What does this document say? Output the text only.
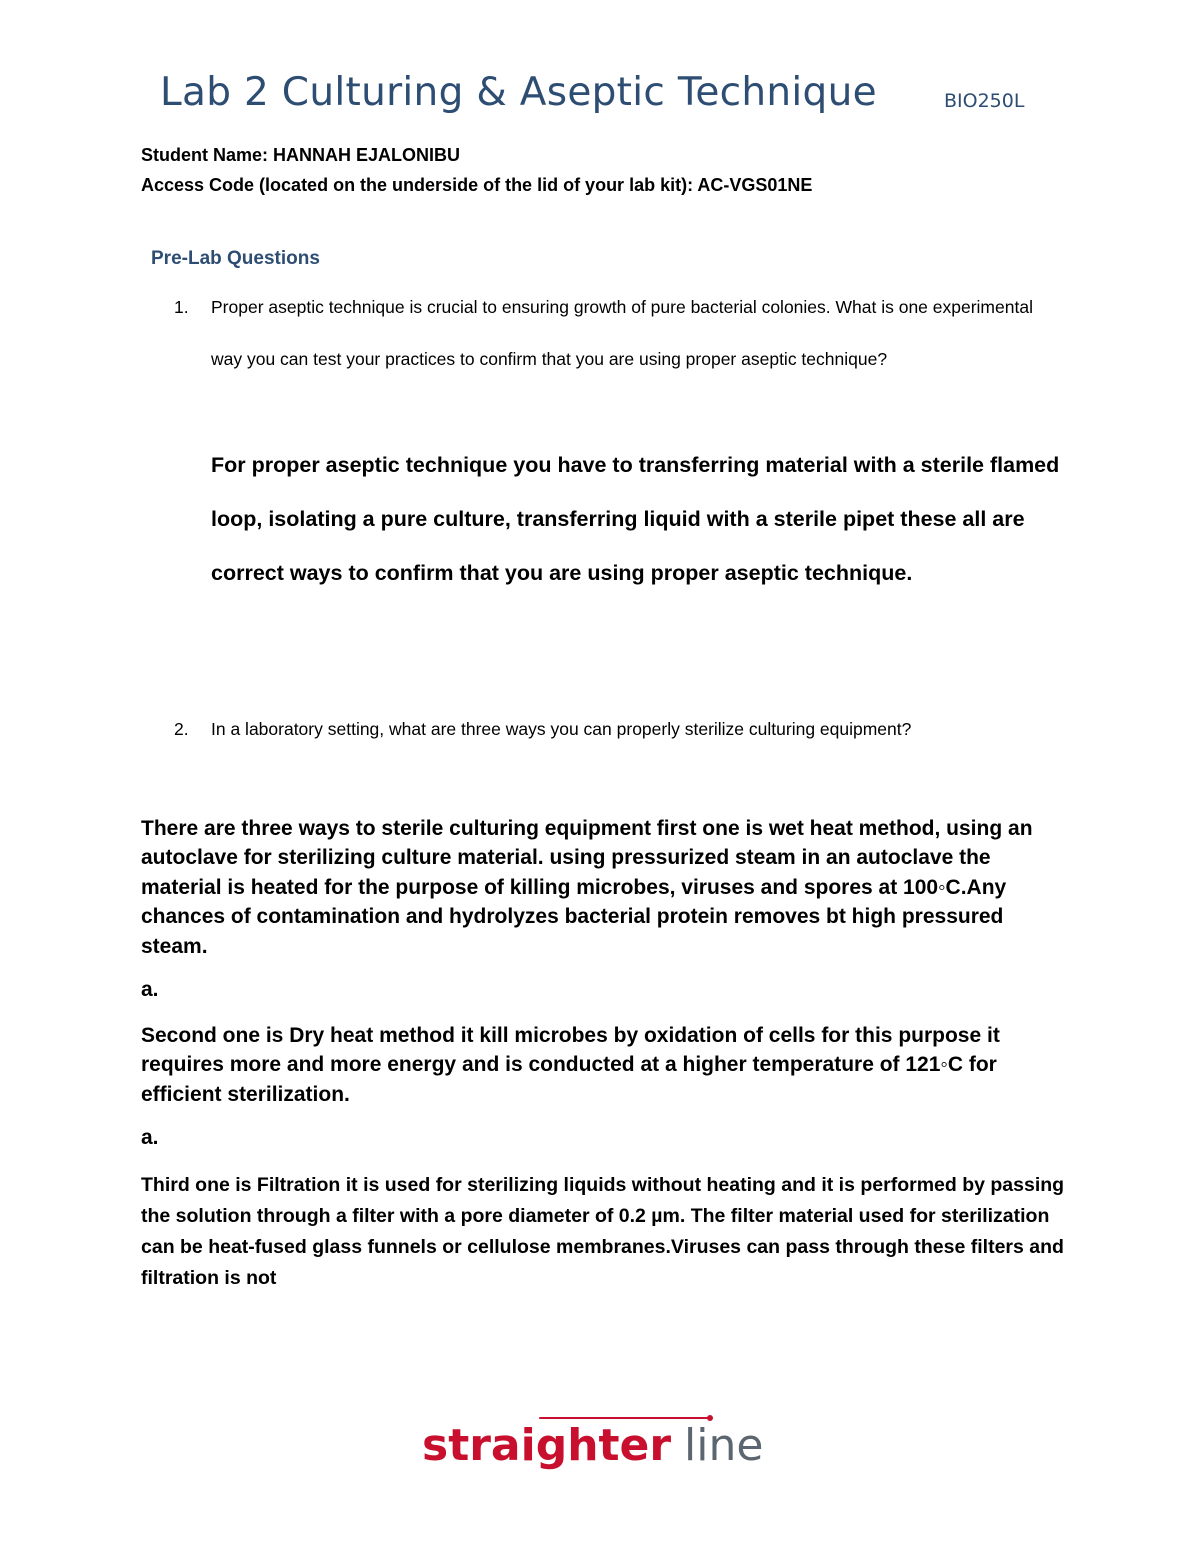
Lab 2 Culturing & Aseptic Technique	BIO250L
Student Name: HANNAH EJALONIBU
Access Code (located on the underside of the lid of your lab kit): AC-VGS01NE
Pre-Lab Questions
1. Proper aseptic technique is crucial to ensuring growth of pure bacterial colonies. What is one experimental way you can test your practices to confirm that you are using proper aseptic technique?
For proper aseptic technique you have to transferring material with a sterile flamed loop, isolating a pure culture, transferring liquid with a sterile pipet these all are correct ways to confirm that you are using proper aseptic technique.
2. In a laboratory setting, what are three ways you can properly sterilize culturing equipment?
There are three ways to sterile culturing equipment first one is wet heat method, using an autoclave for sterilizing culture material. using pressurized steam in an autoclave the material is heated for the purpose of killing microbes, viruses and spores at 100◦C.Any chances of contamination and hydrolyzes bacterial protein removes bt high pressured steam.
a.
Second one is Dry heat method it kill microbes by oxidation of cells for this purpose it requires more and more energy and is conducted at a higher temperature of 121◦C for efficient sterilization.
a.
Third one is Filtration it is used for sterilizing liquids without heating and it is performed by passing the solution through a filter with a pore diameter of 0.2 µm. The filter material used for sterilization can be heat-fused glass funnels or cellulose membranes.Viruses can pass through these filters and filtration is not
straighter line
